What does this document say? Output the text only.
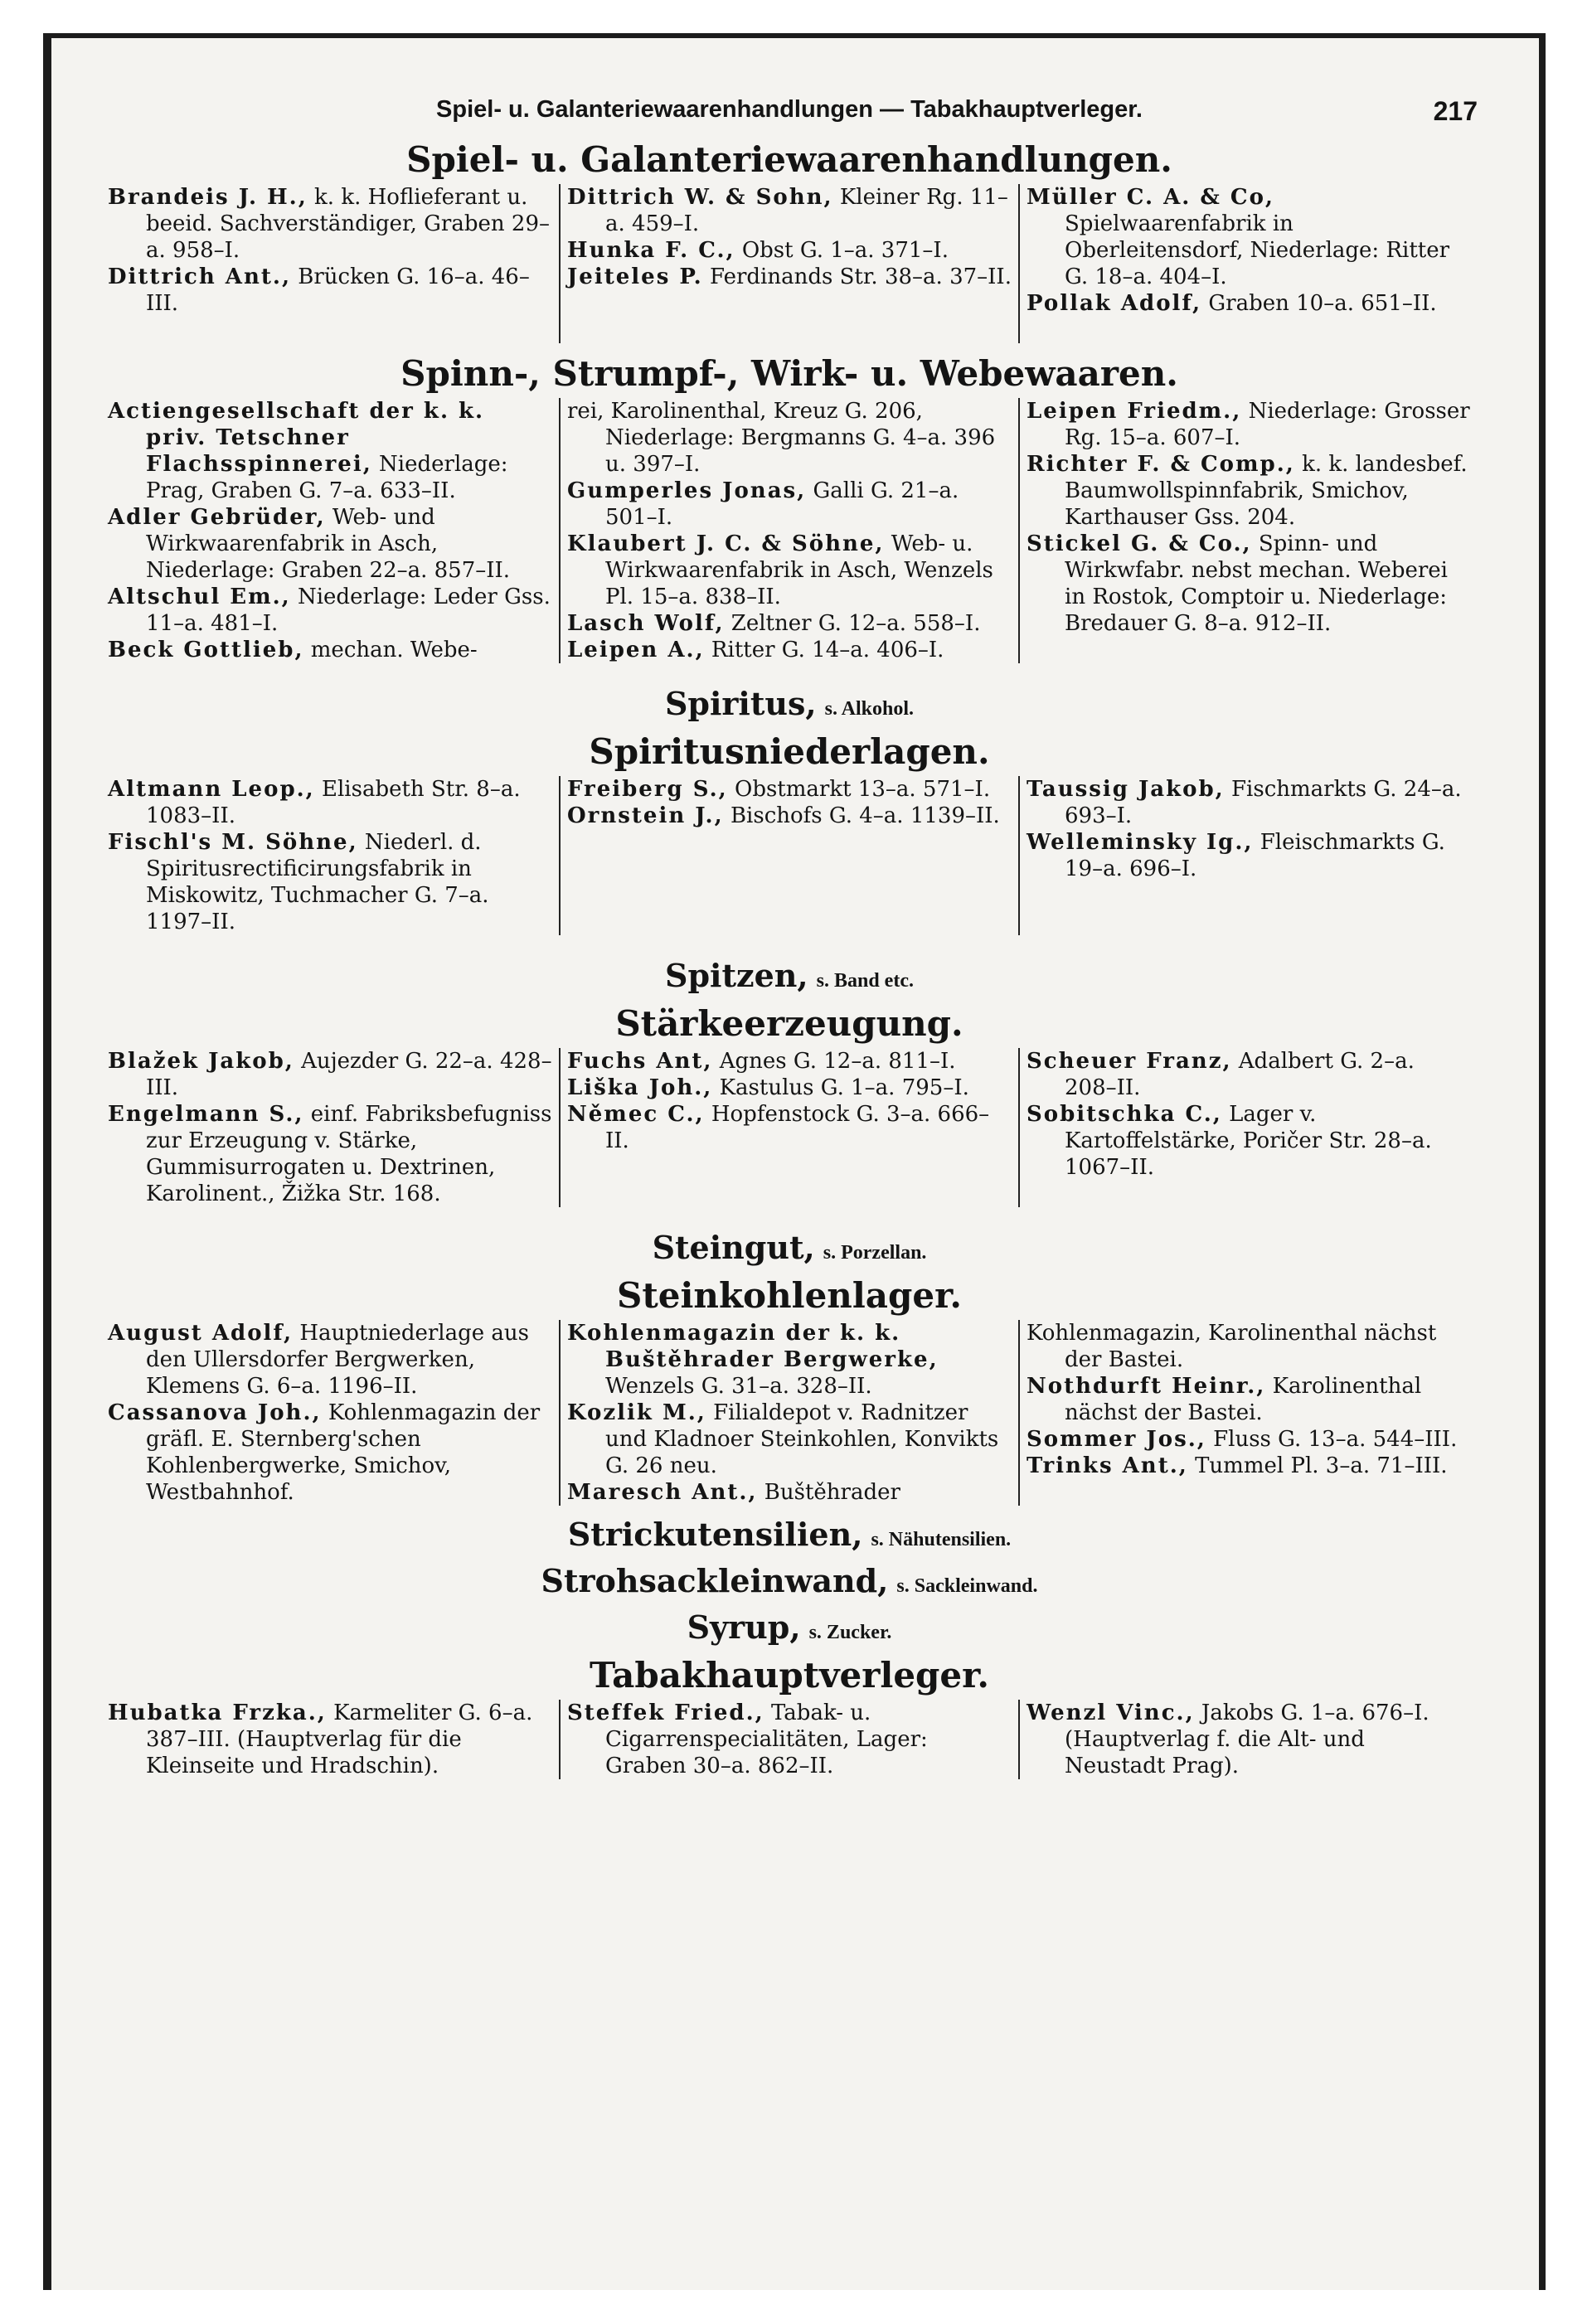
Spiel- u. Galanteriewaarenhandlungen — Tabakhauptverleger.	217
Spiel- u. Galanteriewaarenhandlungen.

Brandeis J. H., k. k. Hoflieferant u. beeid. Sachverständiger, Graben 29–a. 958–I.

Dittrich Ant., Brücken G. 16–a. 46–III.

Dittrich W. & Sohn, Kleiner Rg. 11–a. 459–I.

Hunka F. C., Obst G. 1–a. 371–I.

Jeiteles P. Ferdinands Str. 38–a. 37–II.

Müller C. A. & Co, Spielwaarenfabrik in Oberleitensdorf, Niederlage: Ritter G. 18–a. 404–I.

Pollak Adolf, Graben 10–a. 651–II.

Spinn-, Strumpf-, Wirk- u. Webewaaren.

Actiengesellschaft der k. k. priv. Tetschner Flachsspinnerei, Niederlage: Prag, Graben G. 7–a. 633–II.

Adler Gebrüder, Web- und Wirkwaarenfabrik in Asch, Niederlage: Graben 22–a. 857–II.

Altschul Em., Niederlage: Leder Gss. 11–a. 481–I.

Beck Gottlieb, mechan. Webe-

rei, Karolinenthal, Kreuz G. 206, Niederlage: Bergmanns G. 4–a. 396 u. 397–I.

Gumperles Jonas, Galli G. 21–a. 501–I.

Klaubert J. C. & Söhne, Web- u. Wirkwaarenfabrik in Asch, Wenzels Pl. 15–a. 838–II.

Lasch Wolf, Zeltner G. 12–a. 558–I.

Leipen A., Ritter G. 14–a. 406–I.

Leipen Friedm., Niederlage: Grosser Rg. 15–a. 607–I.

Richter F. & Comp., k. k. landesbef. Baumwollspinnfabrik, Smichov, Karthauser Gss. 204.

Stickel G. & Co., Spinn- und Wirkwfabr. nebst mechan. Weberei in Rostok, Comptoir u. Niederlage: Bredauer G. 8–a. 912–II.

Spiritus, s. Alkohol.
Spiritusniederlagen.

Altmann Leop., Elisabeth Str. 8–a. 1083–II.

Fischl's M. Söhne, Niederl. d. Spiritusrectificirungsfabrik in Miskowitz, Tuchmacher G. 7–a. 1197–II.

Freiberg S., Obstmarkt 13–a. 571–I.

Ornstein J., Bischofs G. 4–a. 1139–II.

Taussig Jakob, Fischmarkts G. 24–a. 693–I.

Welleminsky Ig., Fleischmarkts G. 19–a. 696–I.

Spitzen, s. Band etc.
Stärkeerzeugung.

Blažek Jakob, Aujezder G. 22–a. 428–III.

Engelmann S., einf. Fabriksbefugniss zur Erzeugung v. Stärke, Gummisurrogaten u. Dextrinen, Karolinent., Žižka Str. 168.

Fuchs Ant, Agnes G. 12–a. 811–I.

Liška Joh., Kastulus G. 1–a. 795–I.

Němec C., Hopfenstock G. 3–a. 666–II.

Scheuer Franz, Adalbert G. 2–a. 208–II.

Sobitschka C., Lager v. Kartoffelstärke, Poričer Str. 28–a. 1067–II.

Steingut, s. Porzellan.
Steinkohlenlager.

August Adolf, Hauptniederlage aus den Ullersdorfer Bergwerken, Klemens G. 6–a. 1196–II.

Cassanova Joh., Kohlenmagazin der gräfl. E. Sternberg'schen Kohlenbergwerke, Smichov, Westbahnhof.

Kohlenmagazin der k. k. Buštěhrader Bergwerke, Wenzels G. 31–a. 328–II.

Kozlik M., Filialdepot v. Radnitzer und Kladnoer Steinkohlen, Konvikts G. 26 neu.

Maresch Ant., Buštěhrader

Kohlenmagazin, Karolinenthal nächst der Bastei.

Nothdurft Heinr., Karolinenthal nächst der Bastei.

Sommer Jos., Fluss G. 13–a. 544–III.

Trinks Ant., Tummel Pl. 3–a. 71–III.

Strickutensilien, s. Nähutensilien.
Strohsackleinwand, s. Sackleinwand.
Syrup, s. Zucker.
Tabakhauptverleger.

Hubatka Frzka., Karmeliter G. 6–a. 387–III. (Hauptverlag für die Kleinseite und Hradschin).

Steffek Fried., Tabak- u. Cigarrenspecialitäten, Lager: Graben 30–a. 862–II.

Wenzl Vinc., Jakobs G. 1–a. 676–I. (Hauptverlag f. die Alt- und Neustadt Prag).
